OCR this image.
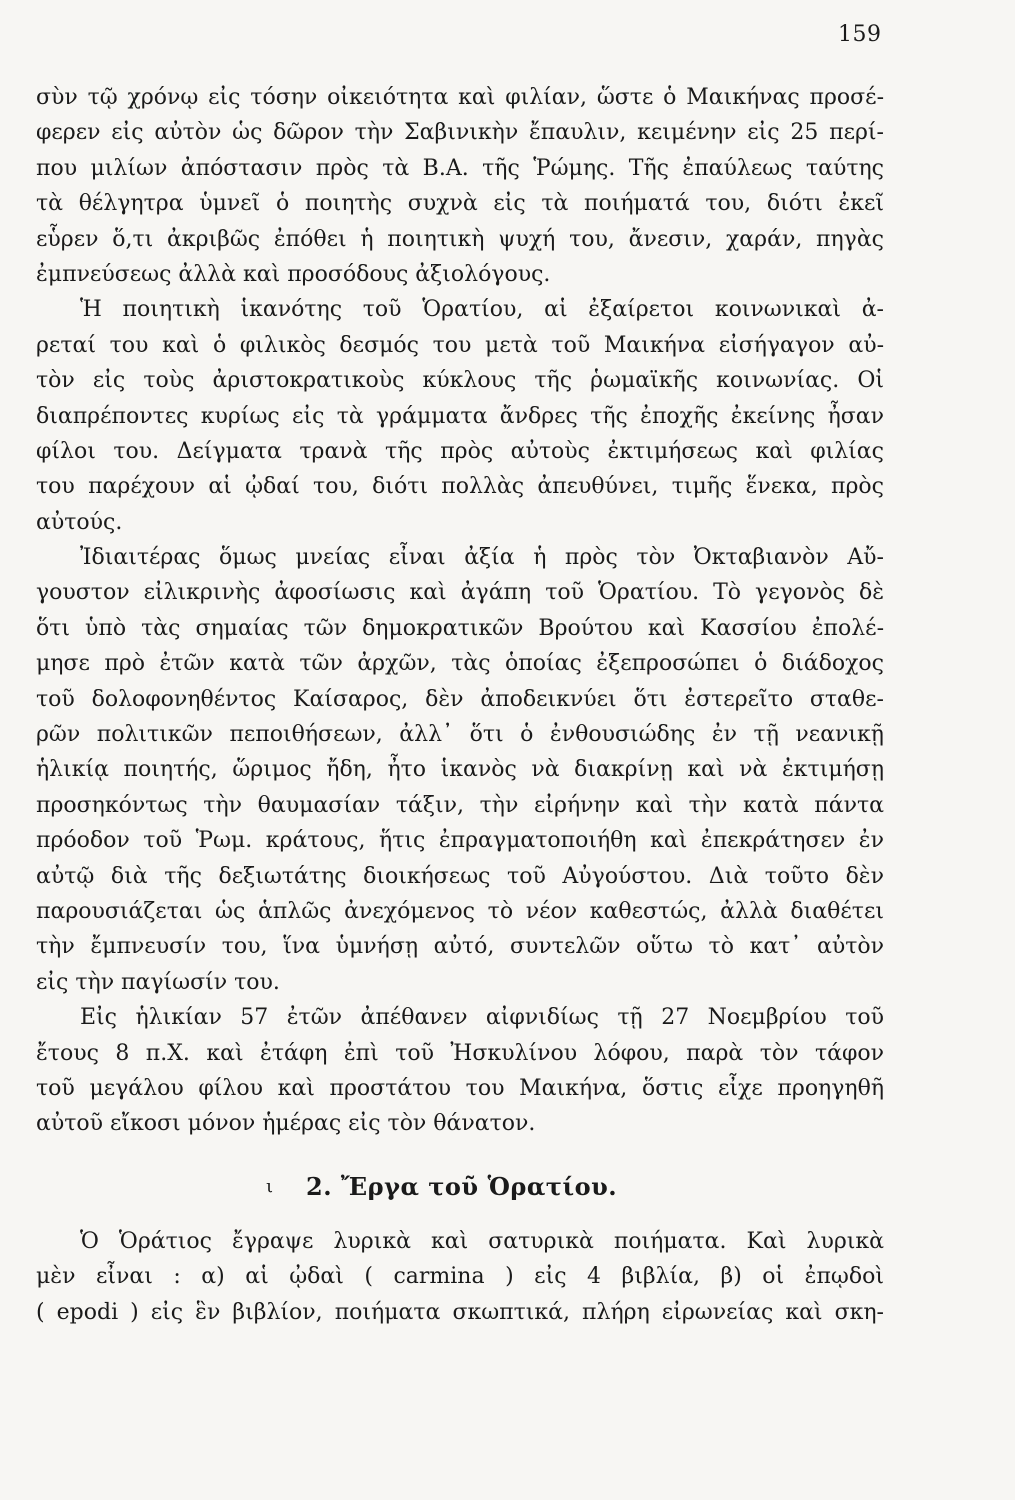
159
σὺν τῷ χρόνῳ εἰς τόσην οἰκειότητα καὶ φιλίαν, ὥστε ὁ Μαικήνας προσέ-
φερεν εἰς αὐτὸν ὡς δῶρον τὴν Σαβινικὴν ἔπαυλιν, κειμένην εἰς 25 περί-
που μιλίων ἀπόστασιν πρὸς τὰ Β.Α. τῆς Ῥώμης. Τῆς ἐπαύλεως ταύτης
τὰ θέλγητρα ὑμνεῖ ὁ ποιητὴς συχνὰ εἰς τὰ ποιήματά του, διότι ἐκεῖ
εὗρεν ὅ,τι ἀκριβῶς ἐπόθει ἡ ποιητικὴ ψυχή του, ἄνεσιν, χαράν, πηγὰς
ἐμπνεύσεως ἀλλὰ καὶ προσόδους ἀξιολόγους.
Ἡ ποιητικὴ ἱκανότης τοῦ Ὁρατίου, αἱ ἐξαίρετοι κοινωνικαὶ ἀ-
ρεταί του καὶ ὁ φιλικὸς δεσμός του μετὰ τοῦ Μαικήνα εἰσήγαγον αὐ-
τὸν εἰς τοὺς ἀριστοκρατικοὺς κύκλους τῆς ῥωμαϊκῆς κοινωνίας. Οἱ
διαπρέποντες κυρίως εἰς τὰ γράμματα ἄνδρες τῆς ἐποχῆς ἐκείνης ἦσαν
φίλοι του. Δείγματα τρανὰ τῆς πρὸς αὐτοὺς ἐκτιμήσεως καὶ φιλίας
του παρέχουν αἱ ᾠδαί του, διότι πολλὰς ἀπευθύνει, τιμῆς ἕνεκα, πρὸς
αὐτούς.
Ἰδιαιτέρας ὅμως μνείας εἶναι ἀξία ἡ πρὸς τὸν Ὀκταβιανὸν Αὔ-
γουστον εἰλικρινὴς ἀφοσίωσις καὶ ἀγάπη τοῦ Ὁρατίου. Τὸ γεγονὸς δὲ
ὅτι ὑπὸ τὰς σημαίας τῶν δημοκρατικῶν Βρούτου καὶ Κασσίου ἐπολέ-
μησε πρὸ ἐτῶν κατὰ τῶν ἀρχῶν, τὰς ὁποίας ἐξεπροσώπει ὁ διάδοχος
τοῦ δολοφονηθέντος Καίσαρος, δὲν ἀποδεικνύει ὅτι ἐστερεῖτο σταθε-
ρῶν πολιτικῶν πεποιθήσεων, ἀλλ᾽ ὅτι ὁ ἐνθουσιώδης ἐν τῇ νεανικῇ
ἡλικίᾳ ποιητής, ὥριμος ἤδη, ἦτο ἱκανὸς νὰ διακρίνῃ καὶ νὰ ἐκτιμήσῃ
προσηκόντως τὴν θαυμασίαν τάξιν, τὴν εἰρήνην καὶ τὴν κατὰ πάντα
πρόοδον τοῦ Ῥωμ. κράτους, ἥτις ἐπραγματοποιήθη καὶ ἐπεκράτησεν ἐν
αὐτῷ διὰ τῆς δεξιωτάτης διοικήσεως τοῦ Αὐγούστου. Διὰ τοῦτο δὲν
παρουσιάζεται ὡς ἁπλῶς ἀνεχόμενος τὸ νέον καθεστώς, ἀλλὰ διαθέτει
τὴν ἔμπνευσίν του, ἵνα ὑμνήσῃ αὐτό, συντελῶν οὕτω τὸ κατ᾽ αὐτὸν
εἰς τὴν παγίωσίν του.
Εἰς ἡλικίαν 57 ἐτῶν ἀπέθανεν αἰφνιδίως τῇ 27 Νοεμβρίου τοῦ
ἔτους 8 π.Χ. καὶ ἐτάφη ἐπὶ τοῦ Ἠσκυλίνου λόφου, παρὰ τὸν τάφον
τοῦ μεγάλου φίλου καὶ προστάτου του Μαικήνα, ὅστις εἶχε προηγηθῆ
αὐτοῦ εἴκοσι μόνον ἡμέρας εἰς τὸν θάνατον.
ι 2. Ἔργα τοῦ Ὁρατίου.
Ὁ Ὁράτιος ἔγραψε λυρικὰ καὶ σατυρικὰ ποιήματα. Καὶ λυρικὰ
μὲν εἶναι : α) αἱ ᾠδαὶ ( carmina ) εἰς 4 βιβλία, β) οἱ ἐπῳδοὶ
( epodi ) εἰς ἓν βιβλίον, ποιήματα σκωπτικά, πλήρη εἰρωνείας καὶ σκη-
